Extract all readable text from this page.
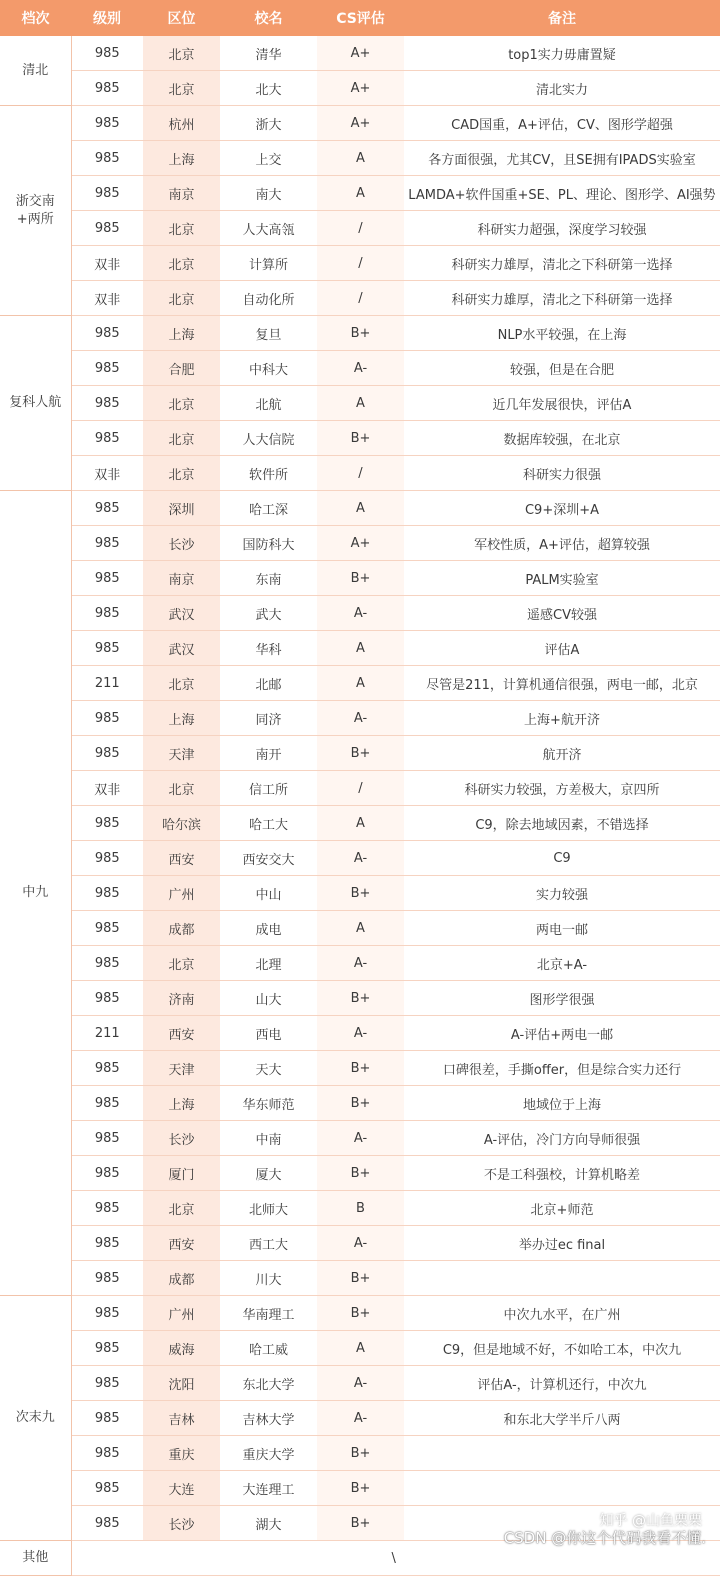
档次	级别	区位	校名	CS评估	备注
清北	985	北京	清华	A+	top1实力毋庸置疑
	985	北京	北大	A+	清北实力
浙交南
+两所	985	杭州	浙大	A+	CAD国重，A+评估，CV、图形学超强
	985	上海	上交	A	各方面很强，尤其CV，且SE拥有IPADS实验室
	985	南京	南大	A	LAMDA+软件国重+SE、PL、理论、图形学、AI强势
	985	北京	人大高瓴	/	科研实力超强，深度学习较强
	双非	北京	计算所	/	科研实力雄厚，清北之下科研第一选择
	双非	北京	自动化所	/	科研实力雄厚，清北之下科研第一选择
复科人航	985	上海	复旦	B+	NLP水平较强，在上海
	985	合肥	中科大	A-	较强，但是在合肥
	985	北京	北航	A	近几年发展很快，评估A
	985	北京	人大信院	B+	数据库较强，在北京
	双非	北京	软件所	/	科研实力很强
中九	985	深圳	哈工深	A	C9+深圳+A
	985	长沙	国防科大	A+	军校性质，A+评估，超算较强
	985	南京	东南	B+	PALM实验室
	985	武汉	武大	A-	遥感CV较强
	985	武汉	华科	A	评估A
	211	北京	北邮	A	尽管是211，计算机通信很强，两电一邮，北京
	985	上海	同济	A-	上海+航开济
	985	天津	南开	B+	航开济
	双非	北京	信工所	/	科研实力较强，方差极大，京四所
	985	哈尔滨	哈工大	A	C9，除去地域因素，不错选择
	985	西安	西安交大	A-	C9
	985	广州	中山	B+	实力较强
	985	成都	成电	A	两电一邮
	985	北京	北理	A-	北京+A-
	985	济南	山大	B+	图形学很强
	211	西安	西电	A-	A-评估+两电一邮
	985	天津	天大	B+	口碑很差，手撕offer，但是综合实力还行
	985	上海	华东师范	B+	地域位于上海
	985	长沙	中南	A-	A-评估，冷门方向导师很强
	985	厦门	厦大	B+	不是工科强校，计算机略差
	985	北京	北师大	B	北京+师范
	985	西安	西工大	A-	举办过ec final
	985	成都	川大	B+	
次末九	985	广州	华南理工	B+	中次九水平，在广州
	985	威海	哈工威	A	C9，但是地域不好，不如哈工本，中次九
	985	沈阳	东北大学	A-	评估A-，计算机还行，中次九
	985	吉林	吉林大学	A-	和东北大学半斤八两
	985	重庆	重庆大学	B+	
	985	大连	大连理工	B+	
	985	长沙	湖大	B+	
其他	\				
知乎 @山鱼栗栗
CSDN @你这个代码我看不懂.
